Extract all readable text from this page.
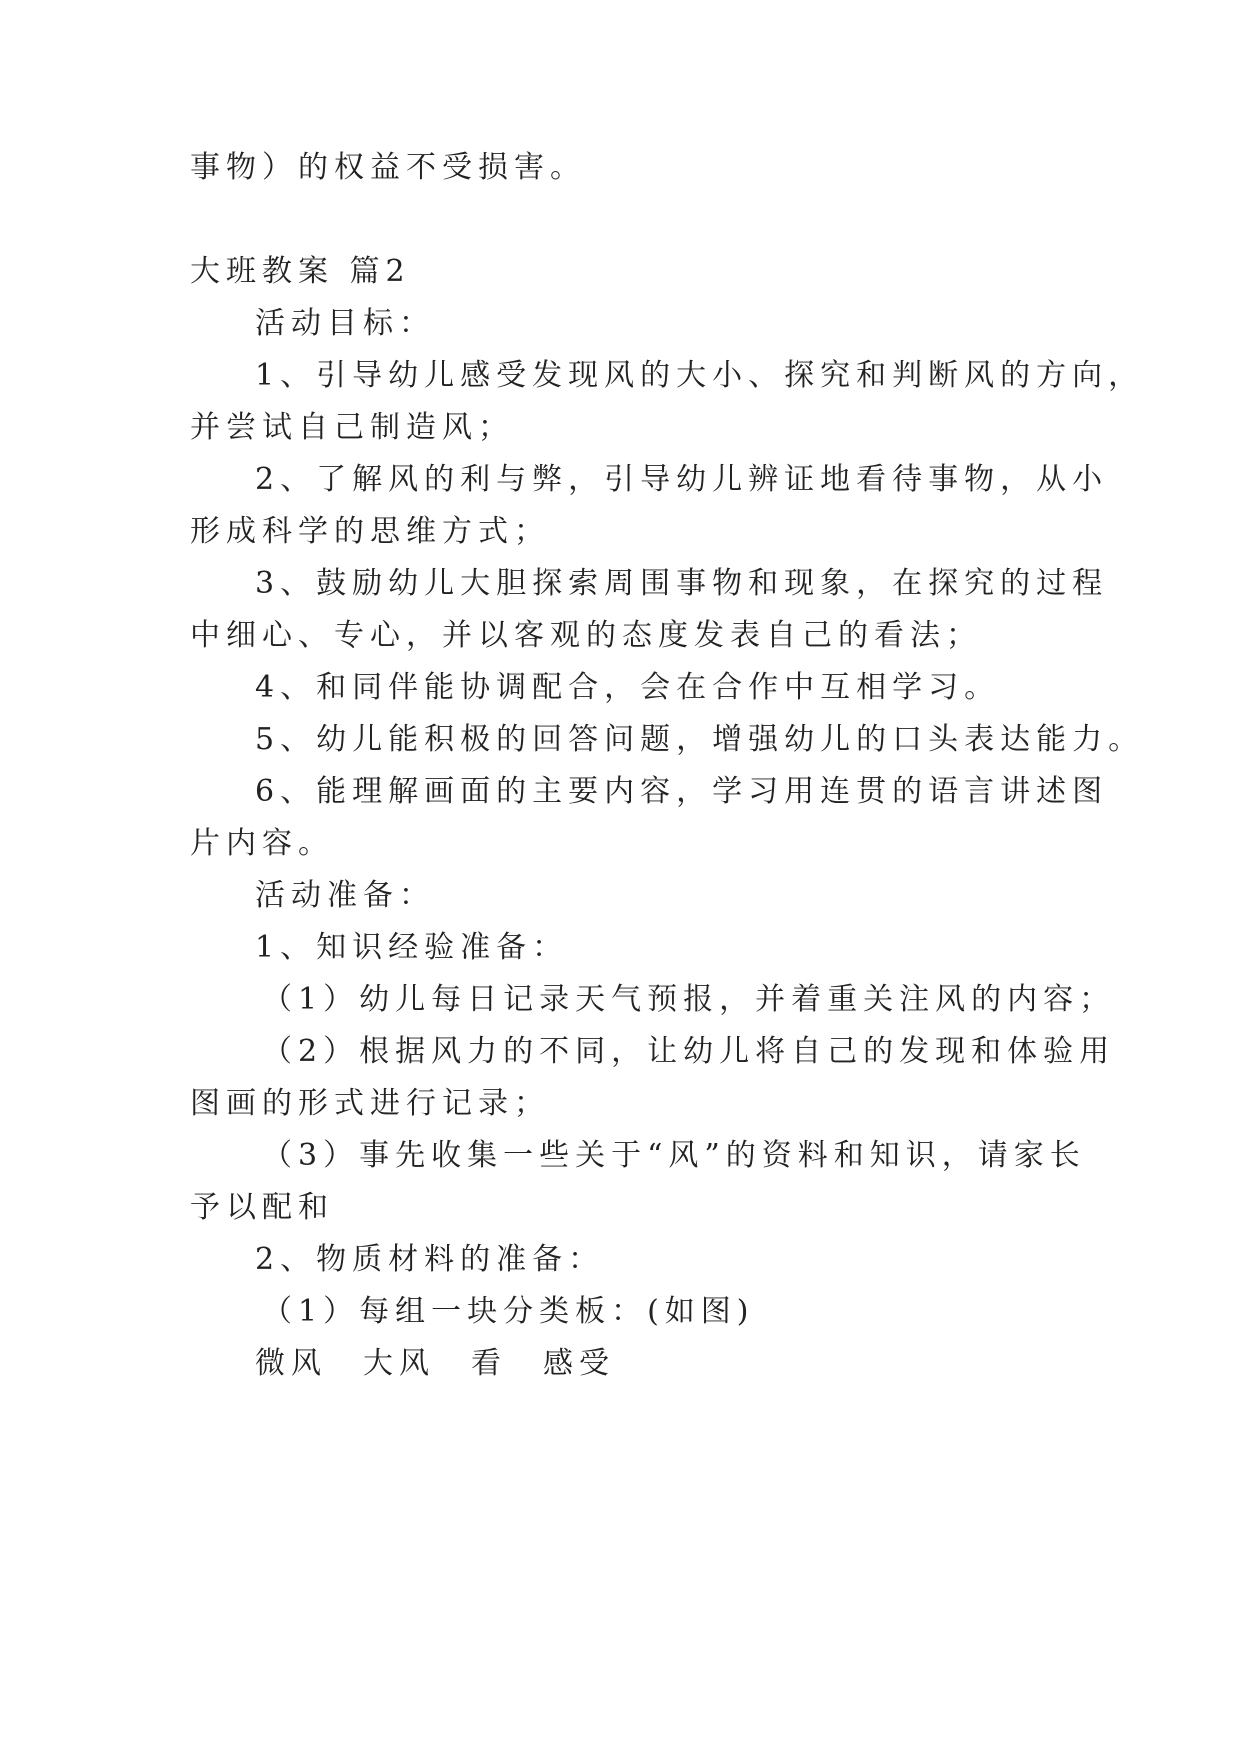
事物）的权益不受损害。
大班教案 篇2
活动目标：
1、引导幼儿感受发现风的大小、探究和判断风的方向，
并尝试自己制造风；
2、了解风的利与弊，引导幼儿辨证地看待事物，从小
形成科学的思维方式；
3、鼓励幼儿大胆探索周围事物和现象，在探究的过程
中细心、专心，并以客观的态度发表自己的看法；
4、和同伴能协调配合，会在合作中互相学习。
5、幼儿能积极的回答问题，增强幼儿的口头表达能力。
6、能理解画面的主要内容，学习用连贯的语言讲述图
片内容。
活动准备：
1、知识经验准备：
（1）幼儿每日记录天气预报，并着重关注风的内容；
（2）根据风力的不同，让幼儿将自己的发现和体验用
图画的形式进行记录；
（3）事先收集一些关于“风”的资料和知识，请家长
予以配和
2、物质材料的准备：
（1）每组一块分类板：(如图)
微风　大风　看　感受
